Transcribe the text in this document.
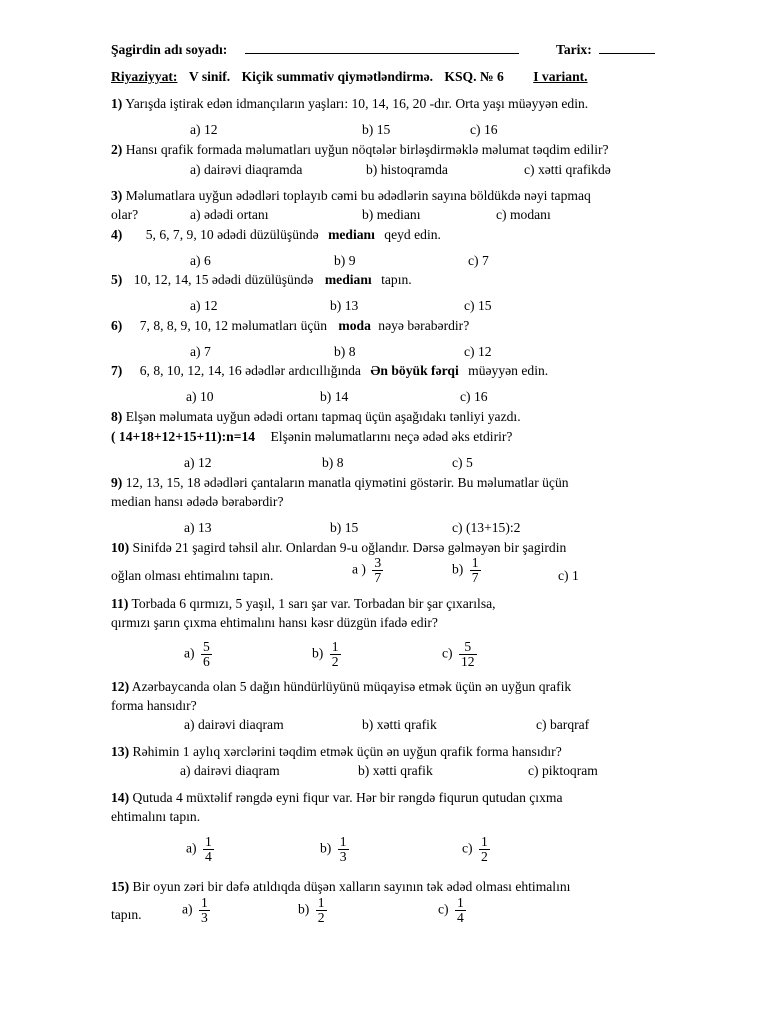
Şagirdin adı soyadı:	Tarix:
Riyaziyyat: V sinif. Kiçik summativ qiymətləndirmə. KSQ. № 6 I variant.
1) Yarışda iştirak edən idmançıların yaşları: 10, 14, 16, 20 -dır. Orta yaşı müəyyən edin.
a) 12	b) 15	c) 16
2) Hansı qrafik formada məlumatları uyğun nöqtələr birləşdirməklə məlumat təqdim edilir?
a) dairəvi diaqramda	b) histoqramda	c) xətti qrafikdə
3) Məlumatlara uyğun ədədləri toplayıb cəmi bu ədədlərin sayına böldükdə nəyi tapmaq
olar?	a) ədədi ortanı	b) medianı	c) modanı
4) 5, 6, 7, 9, 10 ədədi düzülüşündə medianı qeyd edin.
a) 6	b) 9	c) 7
5) 10, 12, 14, 15 ədədi düzülüşündə medianı tapın.
a) 12	b) 13	c) 15
6) 7, 8, 8, 9, 10, 12 məlumatları üçün moda nəyə bərabərdir?
a) 7	b) 8	c) 12
7) 6, 8, 10, 12, 14, 16 ədədlər ardıcıllığında Ən böyük fərqi müəyyən edin.
a) 10	b) 14	c) 16
8) Elşən məlumata uyğun ədədi ortanı tapmaq üçün aşağıdakı tənliyi yazdı.
( 14+18+12+15+11):n=14 Elşənin məlumatlarını neçə ədəd əks etdirir?
a) 12	b) 8	c) 5
9) 12, 13, 15, 18 ədədləri çantaların manatla qiymətini göstərir. Bu məlumatlar üçün
median hansı ədədə bərabərdir?
a) 13	b) 15	c) (13+15):2
10) Sinifdə 21 şagird təhsil alır. Onlardan 9-u oğlandır. Dərsə gəlməyən bir şagirdin
oğlan olması ehtimalını tapın.	a ) $\frac{3}{7}$	$b) \frac{1}{7}$	c) 1
11) Torbada 6 qırmızı, 5 yaşıl, 1 sarı şar var. Torbadan bir şar çıxarılsa,
qırmızı şarın çıxma ehtimalını hansı kəsr düzgün ifadə edir?
$a) \frac{5}{6}$	$b) \frac{1}{2}$	$c) \frac{5}{12}$
12) Azərbaycanda olan 5 dağın hündürlüyünü müqayisə etmək üçün ən uyğun qrafik
forma hansıdır?
a) dairəvi diaqram	b) xətti qrafik	c) barqraf
13) Rəhimin 1 aylıq xərclərini təqdim etmək üçün ən uyğun qrafik forma hansıdır?
a) dairəvi diaqram	b) xətti qrafik	c) piktoqram
14) Qutuda 4 müxtəlif rəngdə eyni fiqur var. Hər bir rəngdə fiqurun qutudan çıxma
ehtimalını tapın.
$a) \frac{1}{4}$	$b) \frac{1}{3}$	$c) \frac{1}{2}$
15) Bir oyun zəri bir dəfə atıldıqda düşən xalların sayının tək ədəd olması ehtimalını
tapın.	$a) \frac{1}{3}$	$b) \frac{1}{2}$	$c) \frac{1}{4}$
